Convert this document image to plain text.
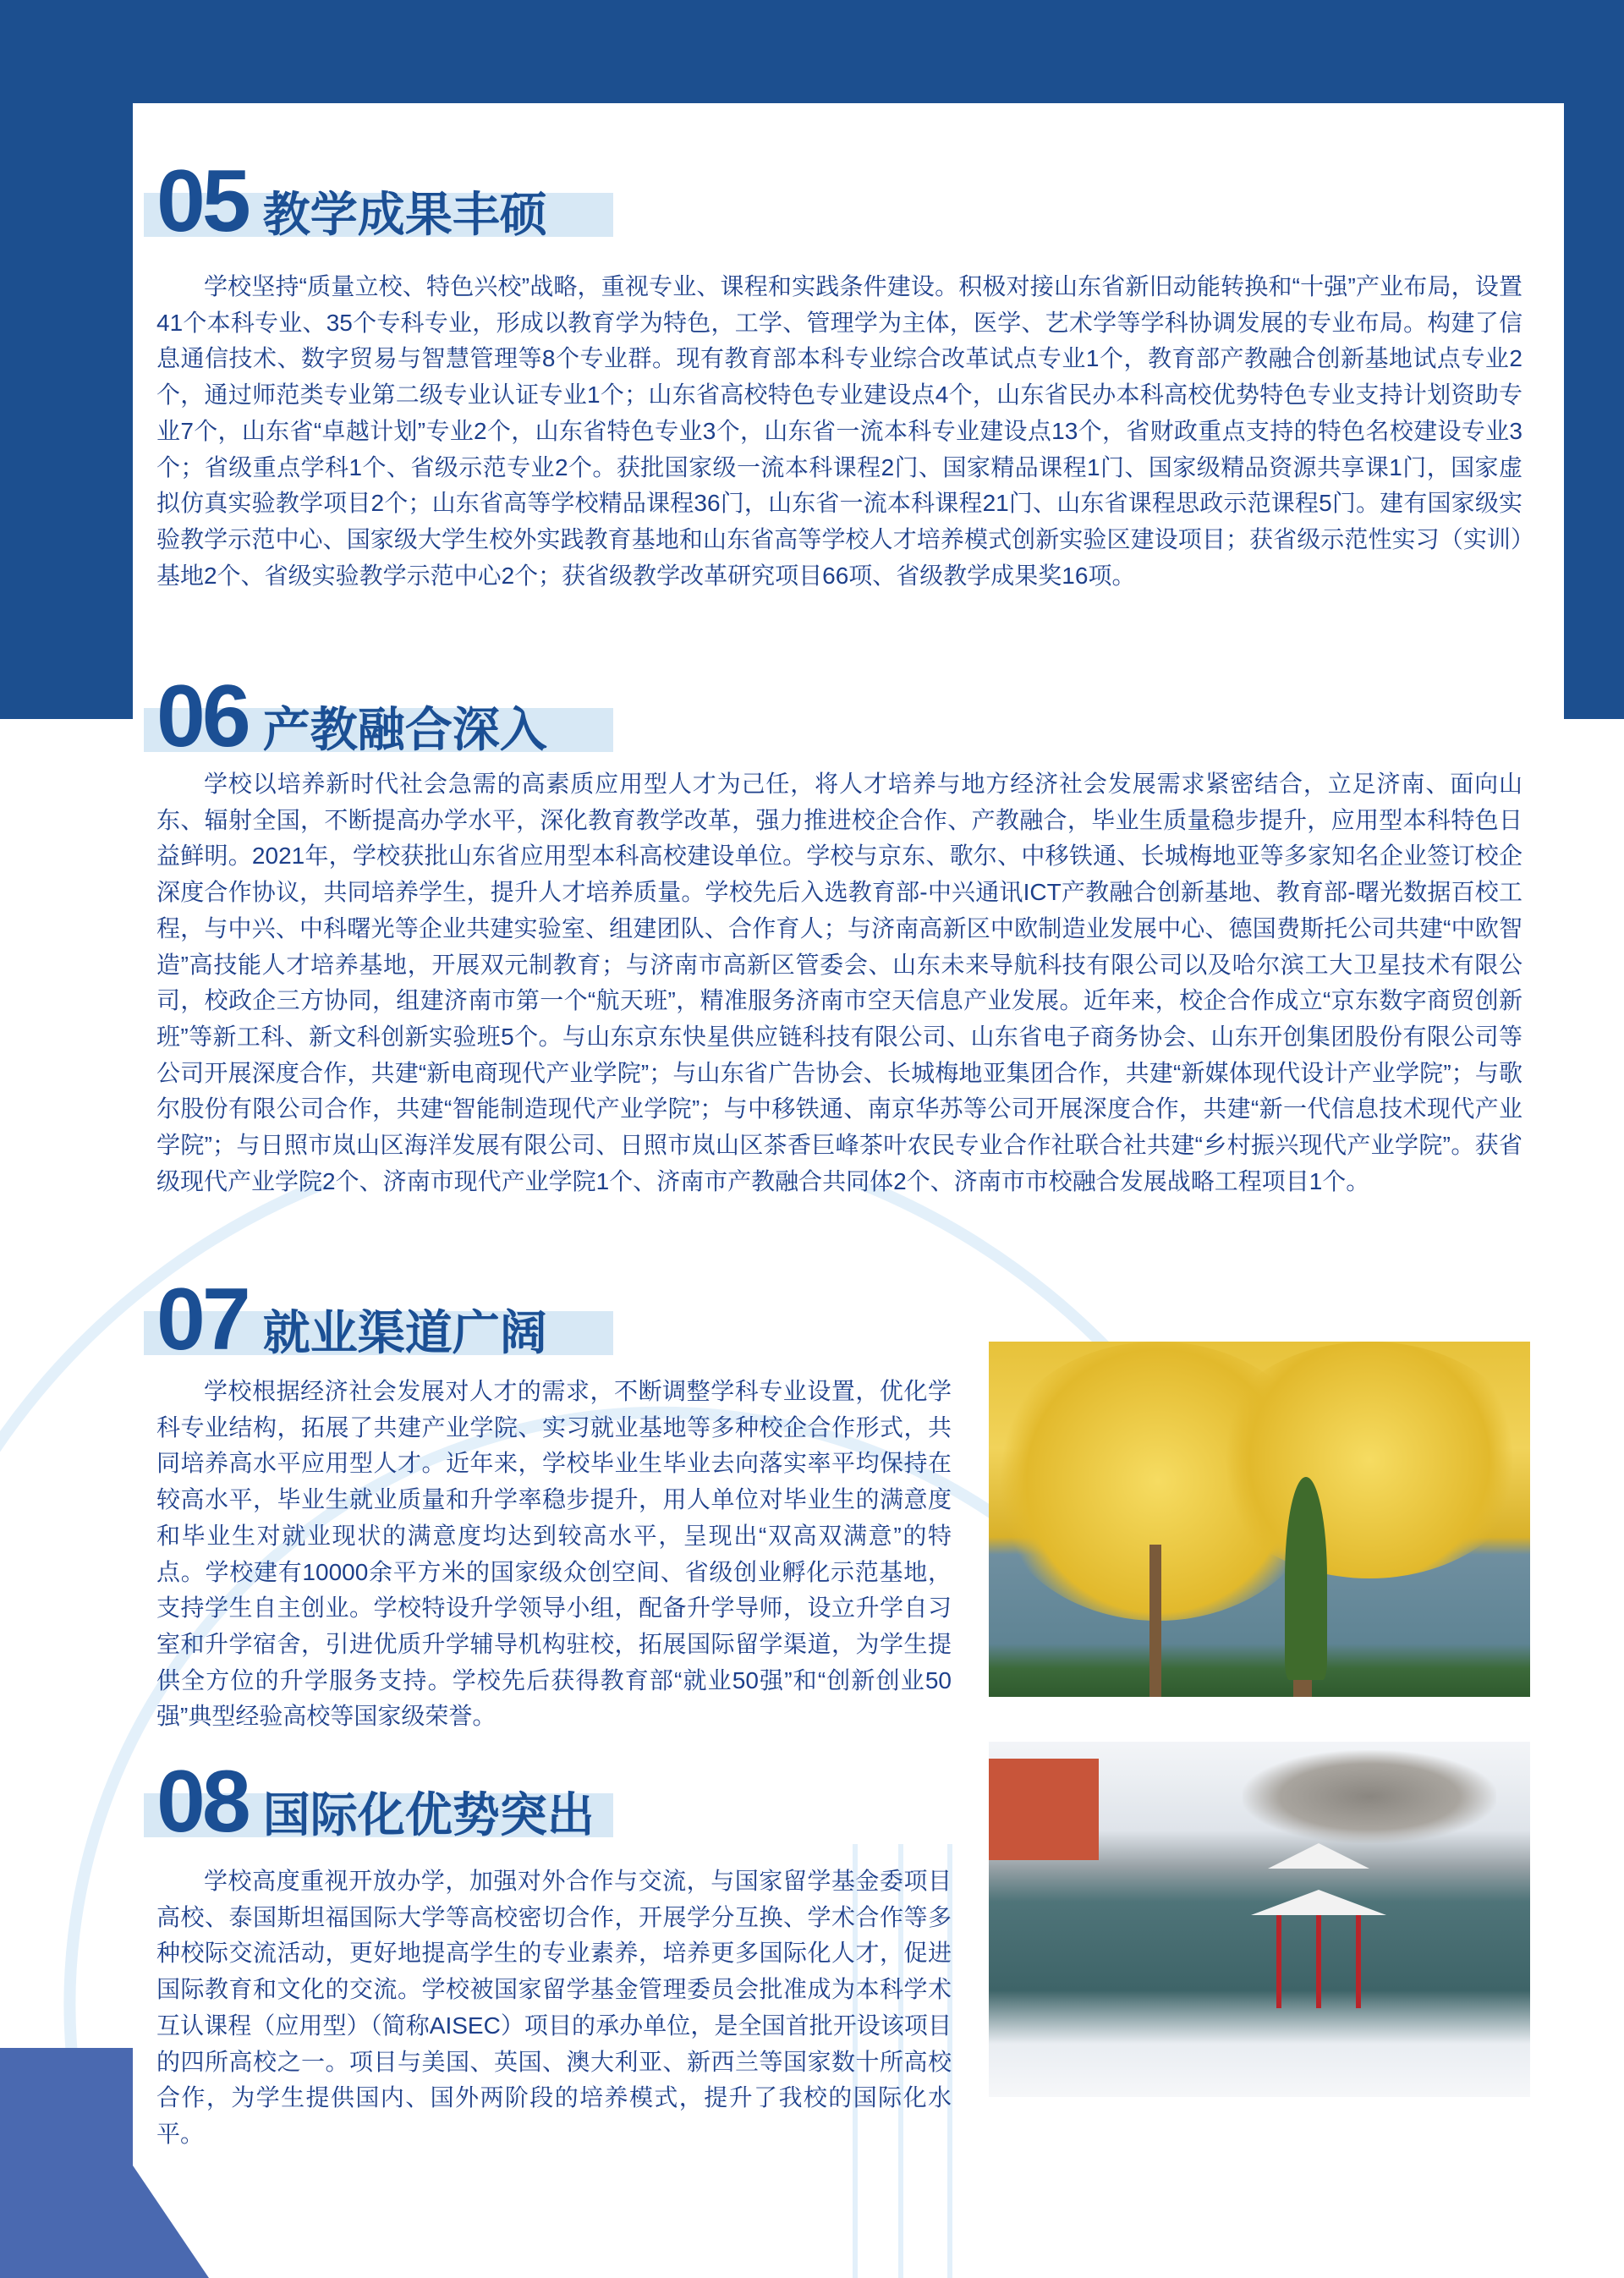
05 教学成果丰硕

学校坚持“质量立校、特色兴校”战略，重视专业、课程和实践条件建设。积极对接山东省新旧动能转换和“十强”产业布局，设置41个本科专业、35个专科专业，形成以教育学为特色，工学、管理学为主体，医学、艺术学等学科协调发展的专业布局。构建了信息通信技术、数字贸易与智慧管理等8个专业群。现有教育部本科专业综合改革试点专业1个，教育部产教融合创新基地试点专业2个，通过师范类专业第二级专业认证专业1个；山东省高校特色专业建设点4个，山东省民办本科高校优势特色专业支持计划资助专业7个，山东省“卓越计划”专业2个，山东省特色专业3个，山东省一流本科专业建设点13个，省财政重点支持的特色名校建设专业3个；省级重点学科1个、省级示范专业2个。获批国家级一流本科课程2门、国家精品课程1门、国家级精品资源共享课1门，国家虚拟仿真实验教学项目2个；山东省高等学校精品课程36门，山东省一流本科课程21门、山东省课程思政示范课程5门。建有国家级实验教学示范中心、国家级大学生校外实践教育基地和山东省高等学校人才培养模式创新实验区建设项目；获省级示范性实习（实训）基地2个、省级实验教学示范中心2个；获省级教学改革研究项目66项、省级教学成果奖16项。

06 产教融合深入

学校以培养新时代社会急需的高素质应用型人才为己任，将人才培养与地方经济社会发展需求紧密结合，立足济南、面向山东、辐射全国，不断提高办学水平，深化教育教学改革，强力推进校企合作、产教融合，毕业生质量稳步提升，应用型本科特色日益鲜明。2021年，学校获批山东省应用型本科高校建设单位。学校与京东、歌尔、中移铁通、长城梅地亚等多家知名企业签订校企深度合作协议，共同培养学生，提升人才培养质量。学校先后入选教育部-中兴通讯ICT产教融合创新基地、教育部-曙光数据百校工程，与中兴、中科曙光等企业共建实验室、组建团队、合作育人；与济南高新区中欧制造业发展中心、德国费斯托公司共建“中欧智造”高技能人才培养基地，开展双元制教育；与济南市高新区管委会、山东未来导航科技有限公司以及哈尔滨工大卫星技术有限公司，校政企三方协同，组建济南市第一个“航天班”，精准服务济南市空天信息产业发展。近年来，校企合作成立“京东数字商贸创新班”等新工科、新文科创新实验班5个。与山东京东快星供应链科技有限公司、山东省电子商务协会、山东开创集团股份有限公司等公司开展深度合作，共建“新电商现代产业学院”；与山东省广告协会、长城梅地亚集团合作，共建“新媒体现代设计产业学院”；与歌尔股份有限公司合作，共建“智能制造现代产业学院”；与中移铁通、南京华苏等公司开展深度合作，共建“新一代信息技术现代产业学院”；与日照市岚山区海洋发展有限公司、日照市岚山区茶香巨峰茶叶农民专业合作社联合社共建“乡村振兴现代产业学院”。获省级现代产业学院2个、济南市现代产业学院1个、济南市产教融合共同体2个、济南市市校融合发展战略工程项目1个。

07 就业渠道广阔

学校根据经济社会发展对人才的需求，不断调整学科专业设置，优化学科专业结构，拓展了共建产业学院、实习就业基地等多种校企合作形式，共同培养高水平应用型人才。近年来，学校毕业生毕业去向落实率平均保持在较高水平，毕业生就业质量和升学率稳步提升，用人单位对毕业生的满意度和毕业生对就业现状的满意度均达到较高水平，呈现出“双高双满意”的特点。学校建有10000余平方米的国家级众创空间、省级创业孵化示范基地，支持学生自主创业。学校特设升学领导小组，配备升学导师，设立升学自习室和升学宿舍，引进优质升学辅导机构驻校，拓展国际留学渠道，为学生提供全方位的升学服务支持。学校先后获得教育部“就业50强”和“创新创业50强”典型经验高校等国家级荣誉。

08 国际化优势突出

学校高度重视开放办学，加强对外合作与交流，与国家留学基金委项目高校、泰国斯坦福国际大学等高校密切合作，开展学分互换、学术合作等多种校际交流活动，更好地提高学生的专业素养，培养更多国际化人才，促进国际教育和文化的交流。学校被国家留学基金管理委员会批准成为本科学术互认课程（应用型）（简称AISEC）项目的承办单位，是全国首批开设该项目的四所高校之一。项目与美国、英国、澳大利亚、新西兰等国家数十所高校合作，为学生提供国内、国外两阶段的培养模式，提升了我校的国际化水平。
